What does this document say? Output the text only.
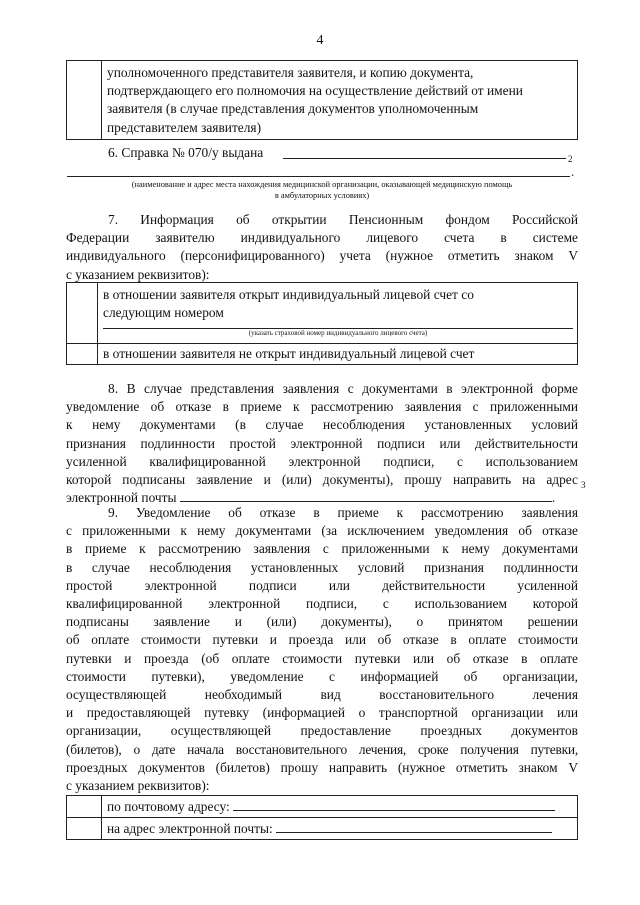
4

уполномоченного представителя заявителя, и копию документа,
подтверждающего его полномочия на осуществление действий от имени
заявителя (в случае представления документов уполномоченным
представителем заявителя)
6. Справка № 070/у выдана	2
.
(наименование и адрес места нахождения медицинской организации, оказывающей медицинскую помощь
в амбулаторных условиях)
7. Информация об открытии Пенсионным фондом Российской
Федерации заявителю индивидуального лицевого счета в системе
индивидуального (персонифицированного) учета (нужное отметить знаком V
с указанием реквизитов):

	в отношении заявителя открыт индивидуальный лицевой счет со
следующим номером
(указать страховой номер индивидуального лицевого счета)

	в отношении заявителя не открыт индивидуальный лицевой счет
8. В случае представления заявления с документами в электронной форме
уведомление об отказе в приеме к рассмотрению заявления с приложенными
к нему документами (в случае несоблюдения установленных условий
признания подлинности простой электронной подписи или действительности
усиленной квалифицированной электронной подписи, с использованием
которой подписаны заявление и (или) документы), прошу направить на адрес
электронной почты	.
3
9. Уведомление об отказе в приеме к рассмотрению заявления
с приложенными к нему документами (за исключением уведомления об отказе
в приеме к рассмотрению заявления с приложенными к нему документами
в случае несоблюдения установленных условий признания подлинности
простой электронной подписи или действительности усиленной
квалифицированной электронной подписи, с использованием которой
подписаны заявление и (или) документы), о принятом решении
об оплате стоимости путевки и проезда или об отказе в оплате стоимости
путевки и проезда (об оплате стоимости путевки или об отказе в оплате
стоимости путевки), уведомление с информацией об организации,
осуществляющей необходимый вид восстановительного лечения
и предоставляющей путевку (информацией о транспортной организации или
организации, осуществляющей предоставление проездных документов
(билетов), о дате начала восстановительного лечения, сроке получения путевки,
проездных документов (билетов) прошу направить (нужное отметить знаком V
с указанием реквизитов):
	по почтовому адресу:
	на адрес электронной почты:
